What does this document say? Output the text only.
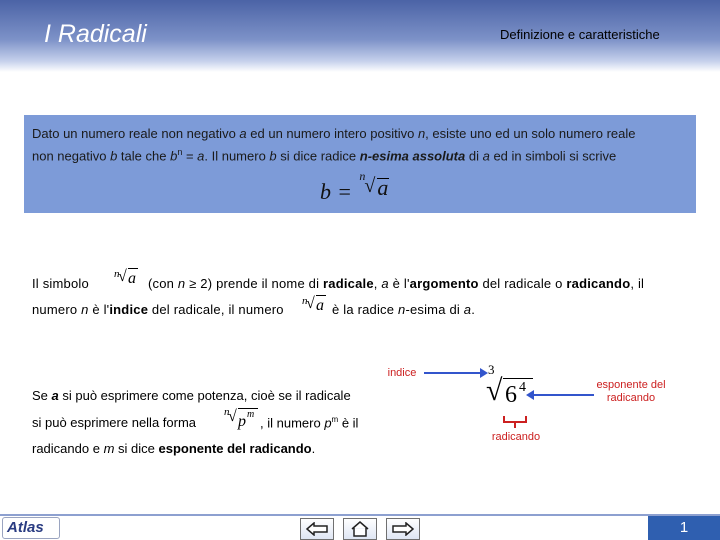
I Radicali	Definizione e caratteristiche
Dato un numero reale non negativo a ed un numero intero positivo n, esiste uno ed un solo numero reale
non negativo b tale che $b^n = a$. Il numero b si dice radice n-esima assoluta di a ed in simboli si scrive
b =
n √ a
Il simbolo
n
√ a (con n ≥ 2) prende il nome di radicale, a è l'argomento del radicale o radicando, il
numero n è l'indice del radicale, il numero
n
√ a è la radice n-esima di a.
Se a si può esprimere come potenza, cioè se il radicale
si può esprimere nella forma
n
√ p m
, il numero $p^m$ è il
radicando e m si dice esponente del radicando.
indice	3
√ 6 4	esponente del radicando
radicando
Atlas	1
